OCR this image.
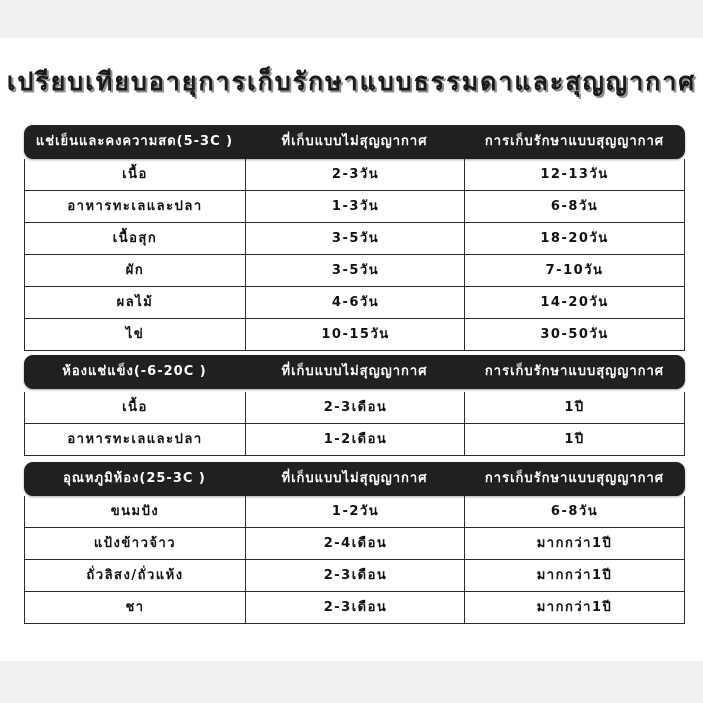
เปรียบเทียบอายุการเก็บรักษาแบบธรรมดาและสุญญากาศ
แช่เย็นและคงความสด(5-3C )	ที่เก็บแบบไม่สุญญากาศ	การเก็บรักษาแบบสุญญากาศ
เนื้อ	2-3วัน	12-13วัน
อาหารทะเลและปลา	1-3วัน	6-8วัน
เนื้อสุก	3-5วัน	18-20วัน
ผัก	3-5วัน	7-10วัน
ผลไม้	4-6วัน	14-20วัน
ไข่	10-15วัน	30-50วัน
ห้องแช่แข็ง(-6-20C )	ที่เก็บแบบไม่สุญญากาศ	การเก็บรักษาแบบสุญญากาศ
เนื้อ	2-3เดือน	1ปี
อาหารทะเลและปลา	1-2เดือน	1ปี
อุณหภูมิห้อง(25-3C )	ที่เก็บแบบไม่สุญญากาศ	การเก็บรักษาแบบสุญญากาศ
ขนมปัง	1-2วัน	6-8วัน
แป้งข้าวจ้าว	2-4เดือน	มากกว่า1ปี
ถั่วลิสง/ถั่วแห้ง	2-3เดือน	มากกว่า1ปี
ชา	2-3เดือน	มากกว่า1ปี
